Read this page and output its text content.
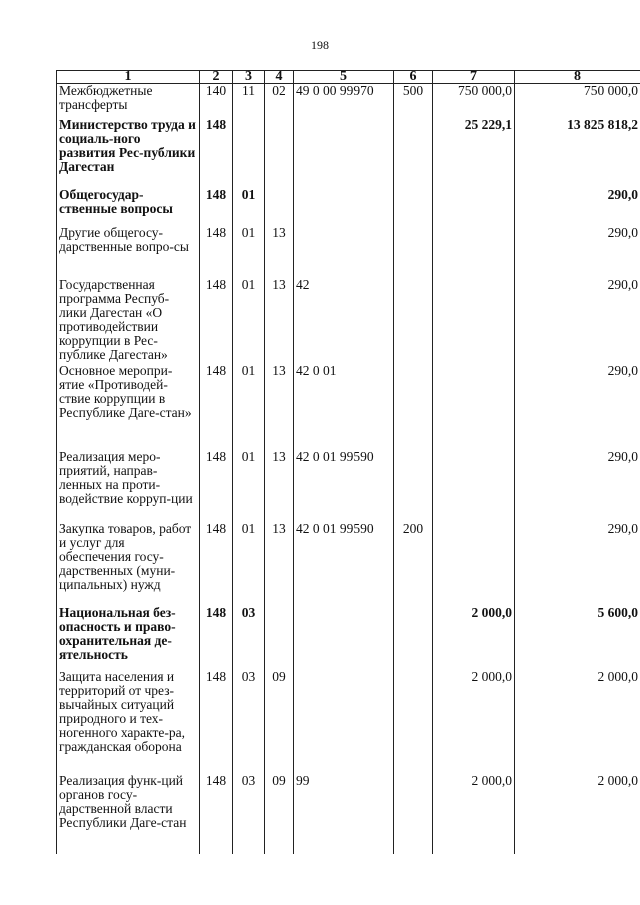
198
1	2	3	4	5	6	7	8
Межбюджетные трансферты	140	11	02	49 0 00 99970	500	750 000,0	750 000,0
Министерство труда и социаль-ного развития Рес-публики Дагестан	148					25 229,1	13 825 818,2
Общегосудар-ственные вопросы	148	01					290,0
Другие общегосу-дарственные вопро-сы	148	01	13				290,0
Государственная программа Респуб-лики Дагестан «О противодействии коррупции в Рес-публике Дагестан»	148	01	13	42			290,0
Основное меропри-ятие «Противодей-ствие коррупции в Республике Даге-стан»	148	01	13	42 0 01			290,0
Реализация меро-приятий, направ-ленных на проти-водействие корруп-ции	148	01	13	42 0 01 99590			290,0
Закупка товаров, работ и услуг для обеспечения госу-дарственных (муни-ципальных) нужд	148	01	13	42 0 01 99590	200		290,0
Национальная без-опасность и право-охранительная де-ятельность	148	03				2 000,0	5 600,0
Защита населения и территорий от чрез-вычайных ситуаций природного и тех-ногенного характе-ра, гражданская оборона	148	03	09			2 000,0	2 000,0
Реализация функ-ций органов госу-дарственной власти Республики Даге-стан	148	03	09	99		2 000,0	2 000,0
